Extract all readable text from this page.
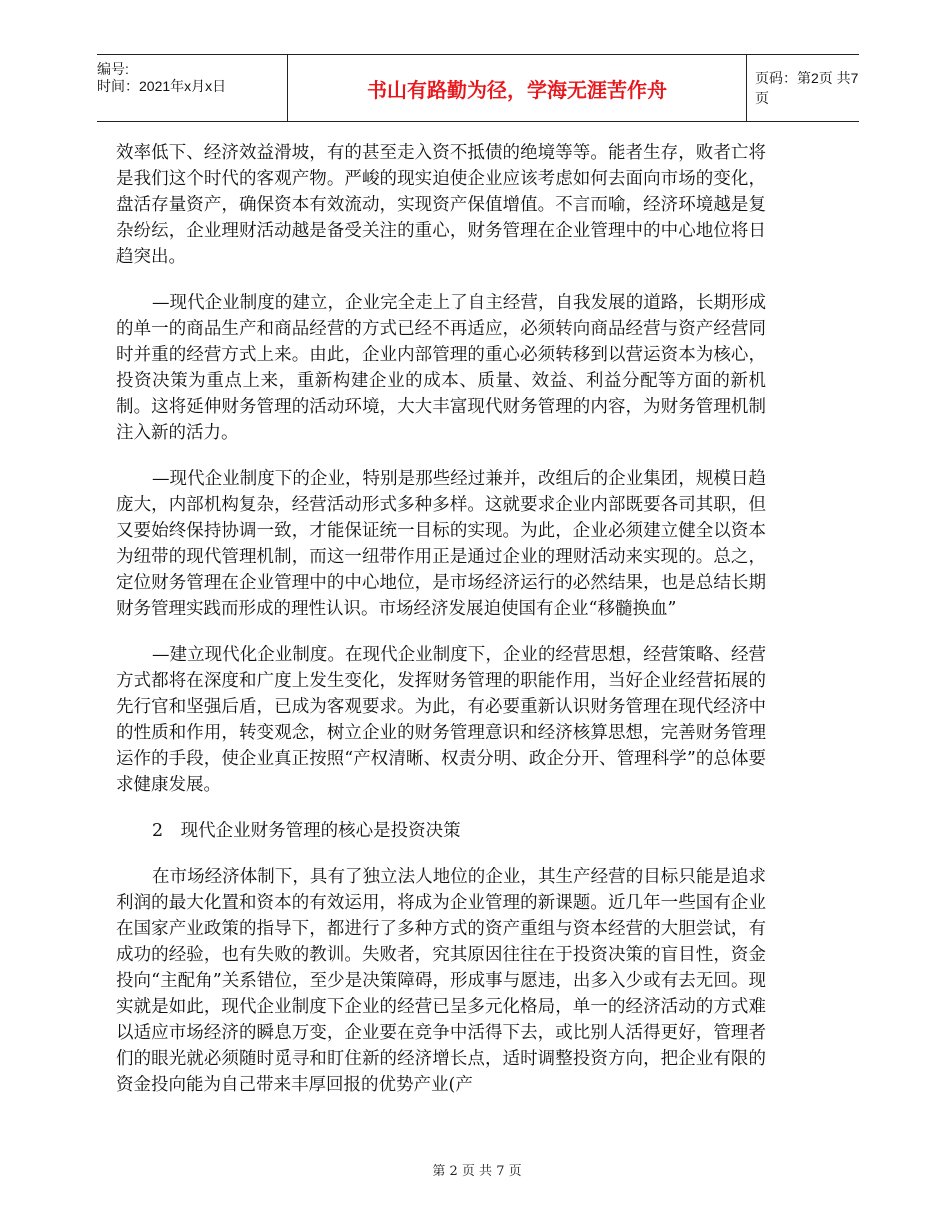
编号:
时间：2021年x月x日	书山有路勤为径，学海无涯苦作舟	页码：第2页 共7页

效率低下、经济效益滑坡，有的甚至走入资不抵债的绝境等等。能者生存，败者亡将是我们这个时代的客观产物。严峻的现实迫使企业应该考虑如何去面向市场的变化，盘活存量资产，确保资本有效流动，实现资产保值增值。不言而喻，经济环境越是复杂纷纭，企业理财活动越是备受关注的重心，财务管理在企业管理中的中心地位将日趋突出。

—现代企业制度的建立，企业完全走上了自主经营，自我发展的道路，长期形成的单一的商品生产和商品经营的方式已经不再适应，必须转向商品经营与资产经营同时并重的经营方式上来。由此，企业内部管理的重心必须转移到以营运资本为核心，投资决策为重点上来，重新构建企业的成本、质量、效益、利益分配等方面的新机制。这将延伸财务管理的活动环境，大大丰富现代财务管理的内容，为财务管理机制注入新的活力。

—现代企业制度下的企业，特别是那些经过兼并，改组后的企业集团，规模日趋庞大，内部机构复杂，经营活动形式多种多样。这就要求企业内部既要各司其职，但又要始终保持协调一致，才能保证统一目标的实现。为此，企业必须建立健全以资本为纽带的现代管理机制，而这一纽带作用正是通过企业的理财活动来实现的。总之，定位财务管理在企业管理中的中心地位，是市场经济运行的必然结果，也是总结长期财务管理实践而形成的理性认识。市场经济发展迫使国有企业“移髓换血”

—建立现代化企业制度。在现代企业制度下，企业的经营思想，经营策略、经营方式都将在深度和广度上发生变化，发挥财务管理的职能作用，当好企业经营拓展的先行官和坚强后盾，已成为客观要求。为此，有必要重新认识财务管理在现代经济中的性质和作用，转变观念，树立企业的财务管理意识和经济核算思想，完善财务管理运作的手段，使企业真正按照“产权清晰、权责分明、政企分开、管理科学”的总体要求健康发展。

2　现代企业财务管理的核心是投资决策

在市场经济体制下，具有了独立法人地位的企业，其生产经营的目标只能是追求利润的最大化置和资本的有效运用，将成为企业管理的新课题。近几年一些国有企业在国家产业政策的指导下，都进行了多种方式的资产重组与资本经营的大胆尝试，有成功的经验，也有失败的教训。失败者，究其原因往往在于投资决策的盲目性，资金投向“主配角”关系错位，至少是决策障碍，形成事与愿违，出多入少或有去无回。现实就是如此，现代企业制度下企业的经营已呈多元化格局，单一的经济活动的方式难以适应市场经济的瞬息万变，企业要在竞争中活得下去，或比别人活得更好，管理者们的眼光就必须随时觅寻和盯住新的经济增长点，适时调整投资方向，把企业有限的资金投向能为自己带来丰厚回报的优势产业(产

第 2 页 共 7 页
